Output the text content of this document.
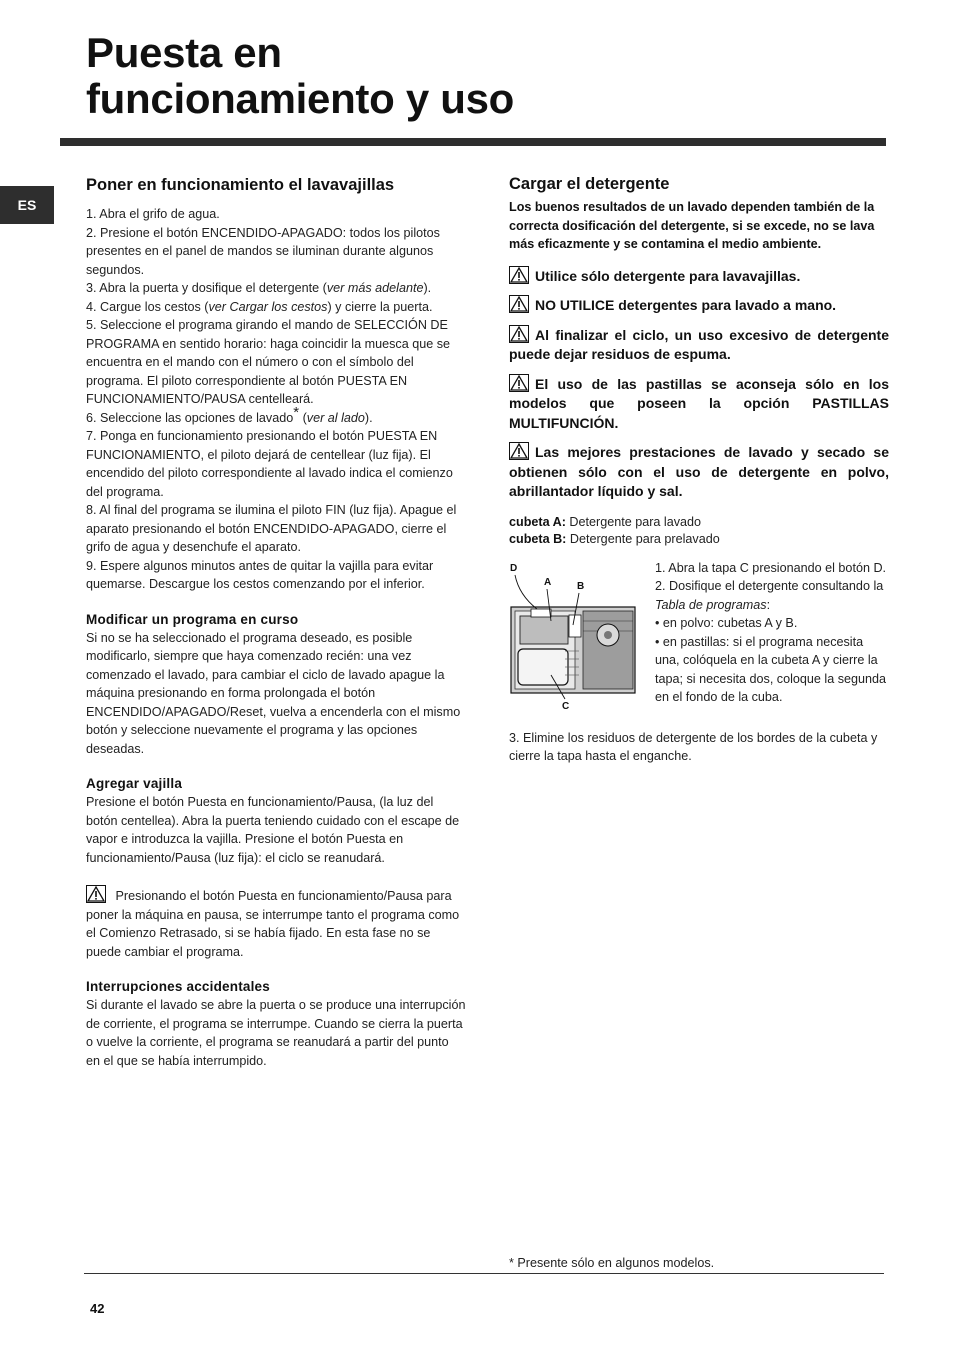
Puesta en
funcionamiento y uso
ES
Poner en funcionamiento el lavavajillas

1. Abra el grifo de agua.

2. Presione el botón ENCENDIDO-APAGADO: todos los pilotos presentes en el panel de mandos se iluminan durante algunos segundos.

3. Abra la puerta y dosifique el detergente (ver más adelante).

4. Cargue los cestos (ver Cargar los cestos) y cierre la puerta.

5. Seleccione el programa girando el mando de SELECCIÓN DE PROGRAMA en sentido horario: haga coincidir la muesca que se encuentra en el mando con el número o con el símbolo del programa. El piloto correspondiente al botón PUESTA EN FUNCIONAMIENTO/PAUSA centelleará.

6. Seleccione las opciones de lavado* (ver al lado).

7. Ponga en funcionamiento presionando el botón PUESTA EN FUNCIONAMIENTO, el piloto dejará de centellear (luz fija). El encendido del piloto correspondiente al lavado indica el comienzo del programa.

8. Al final del programa se ilumina el piloto FIN (luz fija). Apague el aparato presionando el botón ENCENDIDO-APAGADO, cierre el grifo de agua y desenchufe el aparato.

9. Espere algunos minutos antes de quitar la vajilla para evitar quemarse. Descargue los cestos comenzando por el inferior.

Modificar un programa en curso

Si no se ha seleccionado el programa deseado, es posible modificarlo, siempre que haya comenzado recién: una vez comenzado el lavado, para cambiar el ciclo de lavado apague la máquina presionando en forma prolongada el botón ENCENDIDO/APAGADO/Reset, vuelva a encenderla con el mismo botón y seleccione nuevamente el programa y las opciones deseadas.

Agregar vajilla

Presione el botón Puesta en funcionamiento/Pausa, (la luz del botón centellea). Abra la puerta teniendo cuidado con el escape de vapor e introduzca la vajilla. Presione el botón Puesta en funcionamiento/Pausa (luz fija): el ciclo se reanudará.

Presionando el botón Puesta en funcionamiento/Pausa para poner la máquina en pausa, se interrumpe tanto el programa como el Comienzo Retrasado, si se había fijado. En esta fase no se puede cambiar el programa.

Interrupciones accidentales

Si durante el lavado se abre la puerta o se produce una interrupción de corriente, el programa se interrumpe. Cuando se cierra la puerta o vuelve la corriente, el programa se reanudará a partir del punto en el que se había interrumpido.

Cargar el detergente

Los buenos resultados de un lavado dependen también de la correcta dosificación del detergente, si se excede, no se lava más eficazmente y se contamina el medio ambiente.

Utilice sólo detergente para lavavajillas.

NO UTILICE detergentes para lavado a mano.

Al finalizar el ciclo, un uso excesivo de detergente puede dejar residuos de espuma.

El uso de las pastillas se aconseja sólo en los modelos que poseen la opción PASTILLAS MULTIFUNCIÓN.

Las mejores prestaciones de lavado y secado se obtienen sólo con el uso de detergente en polvo, abrillantador líquido y sal.

cubeta A: Detergente para lavado

cubeta B: Detergente para prelavado

D
A	B
C

1. Abra la tapa C presionando el botón D.

2. Dosifique el detergente consultando la Tabla de programas:

• en polvo: cubetas A y B.

• en pastillas: si el programa necesita una, colóquela en la cubeta A y cierre la tapa; si necesita dos, coloque la segunda en el fondo de la cuba.

3. Elimine los residuos de detergente de los bordes de la cubeta y cierre la tapa hasta el enganche.

* Presente sólo en algunos modelos.
42
